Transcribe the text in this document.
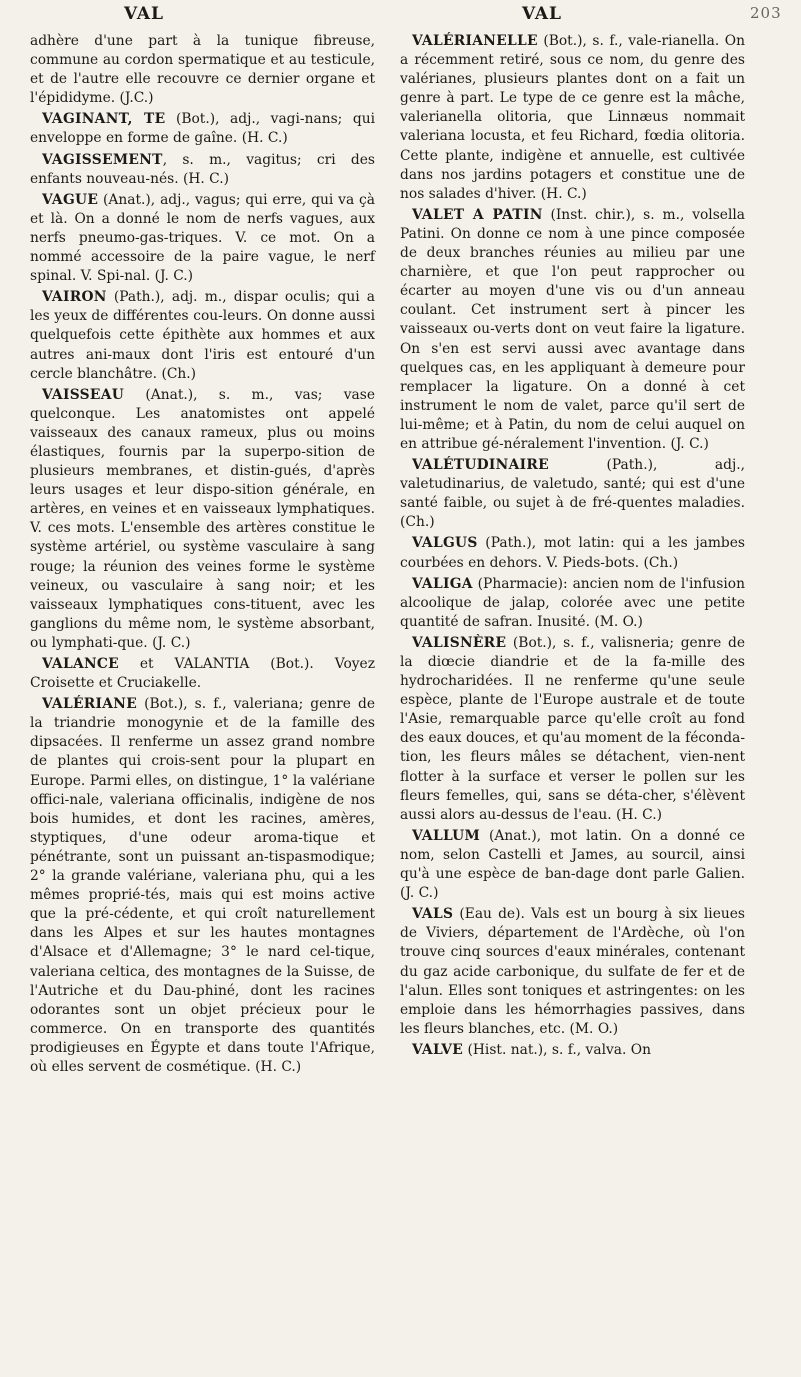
VAL	VAL	203

adhère d'une part à la tunique fibreuse, commune au cordon spermatique et au testicule, et de l'autre elle recouvre ce dernier organe et l'épididyme. (J.C.)

VAGINANT, TE (Bot.), adj., vagi-nans; qui enveloppe en forme de gaîne. (H. C.)

VAGISSEMENT, s. m., vagitus; cri des enfants nouveau-nés. (H. C.)

VAGUE (Anat.), adj., vagus; qui erre, qui va çà et là. On a donné le nom de nerfs vagues, aux nerfs pneumo-gas-triques. V. ce mot. On a nommé accessoire de la paire vague, le nerf spinal. V. Spi-nal. (J. C.)

VAIRON (Path.), adj. m., dispar oculis; qui a les yeux de différentes cou-leurs. On donne aussi quelquefois cette épithète aux hommes et aux autres ani-maux dont l'iris est entouré d'un cercle blanchâtre. (Ch.)

VAISSEAU (Anat.), s. m., vas; vase quelconque. Les anatomistes ont appelé vaisseaux des canaux rameux, plus ou moins élastiques, fournis par la superpo-sition de plusieurs membranes, et distin-gués, d'après leurs usages et leur dispo-sition générale, en artères, en veines et en vaisseaux lymphatiques. V. ces mots. L'ensemble des artères constitue le système artériel, ou système vasculaire à sang rouge; la réunion des veines forme le système veineux, ou vasculaire à sang noir; et les vaisseaux lymphatiques cons-tituent, avec les ganglions du même nom, le système absorbant, ou lymphati-que. (J. C.)

VALANCE et VALANTIA (Bot.). Voyez Croisette et Cruciakelle.

VALÉRIANE (Bot.), s. f., valeriana; genre de la triandrie monogynie et de la famille des dipsacées. Il renferme un assez grand nombre de plantes qui crois-sent pour la plupart en Europe. Parmi elles, on distingue, 1° la valériane offici-nale, valeriana officinalis, indigène de nos bois humides, et dont les racines, amères, styptiques, d'une odeur aroma-tique et pénétrante, sont un puissant an-tispasmodique; 2° la grande valériane, valeriana phu, qui a les mêmes proprié-tés, mais qui est moins active que la pré-cédente, et qui croît naturellement dans les Alpes et sur les hautes montagnes d'Alsace et d'Allemagne; 3° le nard cel-tique, valeriana celtica, des montagnes de la Suisse, de l'Autriche et du Dau-phiné, dont les racines odorantes sont un objet précieux pour le commerce. On en transporte des quantités prodigieuses en Égypte et dans toute l'Afrique, où elles servent de cosmétique. (H. C.)

VALÉRIANELLE (Bot.), s. f., vale-rianella. On a récemment retiré, sous ce nom, du genre des valérianes, plusieurs plantes dont on a fait un genre à part. Le type de ce genre est la mâche, valerianella olitoria, que Linnæus nommait valeriana locusta, et feu Richard, fœdia olitoria. Cette plante, indigène et annuelle, est cultivée dans nos jardins potagers et constitue une de nos salades d'hiver. (H. C.)

VALET A PATIN (Inst. chir.), s. m., volsella Patini. On donne ce nom à une pince composée de deux branches réunies au milieu par une charnière, et que l'on peut rapprocher ou écarter au moyen d'une vis ou d'un anneau coulant. Cet instrument sert à pincer les vaisseaux ou-verts dont on veut faire la ligature. On s'en est servi aussi avec avantage dans quelques cas, en les appliquant à demeure pour remplacer la ligature. On a donné à cet instrument le nom de valet, parce qu'il sert de lui-même; et à Patin, du nom de celui auquel on en attribue gé-néralement l'invention. (J. C.)

VALÉTUDINAIRE (Path.), adj., valetudinarius, de valetudo, santé; qui est d'une santé faible, ou sujet à de fré-quentes maladies. (Ch.)

VALGUS (Path.), mot latin: qui a les jambes courbées en dehors. V. Pieds-bots. (Ch.)

VALIGA (Pharmacie): ancien nom de l'infusion alcoolique de jalap, colorée avec une petite quantité de safran. Inusité. (M. O.)

VALISNÈRE (Bot.), s. f., valisneria; genre de la diœcie diandrie et de la fa-mille des hydrocharidées. Il ne renferme qu'une seule espèce, plante de l'Europe australe et de toute l'Asie, remarquable parce qu'elle croît au fond des eaux douces, et qu'au moment de la féconda-tion, les fleurs mâles se détachent, vien-nent flotter à la surface et verser le pollen sur les fleurs femelles, qui, sans se déta-cher, s'élèvent aussi alors au-dessus de l'eau. (H. C.)

VALLUM (Anat.), mot latin. On a donné ce nom, selon Castelli et James, au sourcil, ainsi qu'à une espèce de ban-dage dont parle Galien. (J. C.)

VALS (Eau de). Vals est un bourg à six lieues de Viviers, département de l'Ardèche, où l'on trouve cinq sources d'eaux minérales, contenant du gaz acide carbonique, du sulfate de fer et de l'alun. Elles sont toniques et astringentes: on les emploie dans les hémorrhagies passives, dans les fleurs blanches, etc. (M. O.)

VALVE (Hist. nat.), s. f., valva. On
